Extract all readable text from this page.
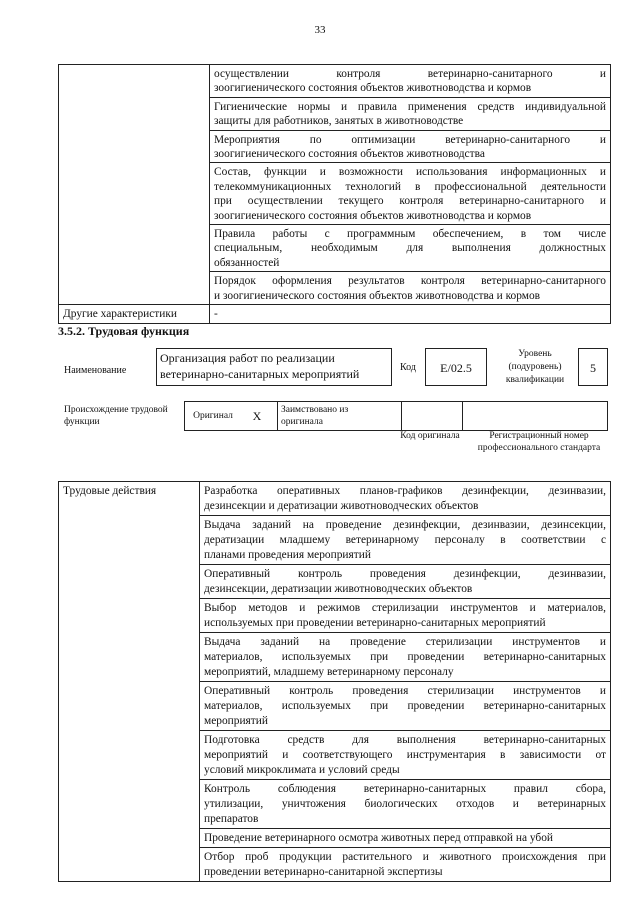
33

	осуществлении контроля ветеринарно-санитарного и
зоогигиенического состояния объектов животноводства и кормов

	Гигиенические нормы и правила применения средств индивидуальной
защиты для работников, занятых в животноводстве

	Мероприятия по оптимизации ветеринарно-санитарного и
зоогигиенического состояния объектов животноводства

	Состав, функции и возможности использования информационных и
телекоммуникационных технологий в профессиональной деятельности
при осуществлении текущего контроля ветеринарно-санитарного и
зоогигиенического состояния объектов животноводства и кормов

	Правила работы с программным обеспечением, в том числе
специальным, необходимым для выполнения должностных
обязанностей

	Порядок оформления результатов контроля ветеринарно-санитарного
и зоогигиенического состояния объектов животноводства и кормов

Другие характеристики	-
3.5.2. Трудовая функция
Наименование
Организация работ по реализации ветеринарно-санитарных мероприятий	Код	E/02.5
Уровень (подуровень) квалификации
5
Происхождение трудовой функции
Оригинал	X	Заимствовано из оригинала
Код оригинала	Регистрационный номер профессионального стандарта
Трудовые действия	Разработка оперативных планов-графиков дезинфекции, дезинвазии,
дезинсекции и дератизации животноводческих объектов

Выдача заданий на проведение дезинфекции, дезинвазии, дезинсекции,
дератизации младшему ветеринарному персоналу в соответствии с
планами проведения мероприятий

Оперативный контроль проведения дезинфекции, дезинвазии,
дезинсекции, дератизации животноводческих объектов

Выбор методов и режимов стерилизации инструментов и материалов,
используемых при проведении ветеринарно-санитарных мероприятий

Выдача заданий на проведение стерилизации инструментов и
материалов, используемых при проведении ветеринарно-санитарных
мероприятий, младшему ветеринарному персоналу

Оперативный контроль проведения стерилизации инструментов и
материалов, используемых при проведении ветеринарно-санитарных
мероприятий

Подготовка средств для выполнения ветеринарно-санитарных
мероприятий и соответствующего инструментария в зависимости от
условий микроклимата и условий среды

Контроль соблюдения ветеринарно-санитарных правил сбора,
утилизации, уничтожения биологических отходов и ветеринарных
препаратов

Проведение ветеринарного осмотра животных перед отправкой на убой

Отбор проб продукции растительного и животного происхождения при
проведении ветеринарно-санитарной экспертизы
